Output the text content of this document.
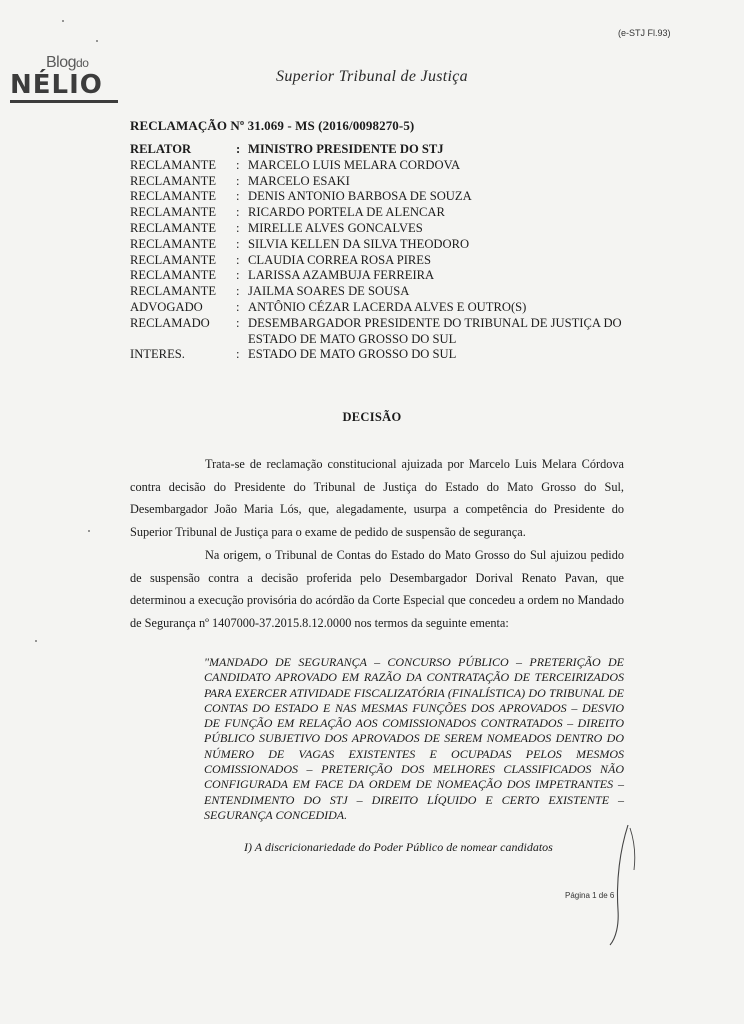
(e-STJ Fl.93)
Blogdo
NÉLIO	Superior Tribunal de Justiça
RECLAMAÇÃO Nº 31.069 - MS (2016/0098270-5)
RELATOR	: MINISTRO PRESIDENTE DO STJ
RECLAMANTE	: MARCELO LUIS MELARA CORDOVA
RECLAMANTE	: MARCELO ESAKI
RECLAMANTE	: DENIS ANTONIO BARBOSA DE SOUZA
RECLAMANTE	: RICARDO PORTELA DE ALENCAR
RECLAMANTE	: MIRELLE ALVES GONCALVES
RECLAMANTE	: SILVIA KELLEN DA SILVA THEODORO
RECLAMANTE	: CLAUDIA CORREA ROSA PIRES
RECLAMANTE	: LARISSA AZAMBUJA FERREIRA
RECLAMANTE	: JAILMA SOARES DE SOUSA
ADVOGADO	: ANTÔNIO CÉZAR LACERDA ALVES E OUTRO(S)
RECLAMADO	: DESEMBARGADOR PRESIDENTE DO TRIBUNAL DE JUSTIÇA DO ESTADO DE MATO GROSSO DO SUL
INTERES.	: ESTADO DE MATO GROSSO DO SUL
DECISÃO

Trata-se de reclamação constitucional ajuizada por Marcelo Luis Melara Córdova contra decisão do Presidente do Tribunal de Justiça do Estado do Mato Grosso do Sul, Desembargador João Maria Lós, que, alegadamente, usurpa a competência do Presidente do Superior Tribunal de Justiça para o exame de pedido de suspensão de segurança.

Na origem, o Tribunal de Contas do Estado do Mato Grosso do Sul ajuizou pedido de suspensão contra a decisão proferida pelo Desembargador Dorival Renato Pavan, que determinou a execução provisória do acórdão da Corte Especial que concedeu a ordem no Mandado de Segurança nº 1407000-37.2015.8.12.0000 nos termos da seguinte ementa:

"MANDADO DE SEGURANÇA – CONCURSO PÚBLICO – PRETERIÇÃO DE CANDIDATO APROVADO EM RAZÃO DA CONTRATAÇÃO DE TERCEIRIZADOS PARA EXERCER ATIVIDADE FISCALIZATÓRIA (FINALÍSTICA) DO TRIBUNAL DE CONTAS DO ESTADO E NAS MESMAS FUNÇÕES DOS APROVADOS – DESVIO DE FUNÇÃO EM RELAÇÃO AOS COMISSIONADOS CONTRATADOS – DIREITO PÚBLICO SUBJETIVO DOS APROVADOS DE SEREM NOMEADOS DENTRO DO NÚMERO DE VAGAS EXISTENTES E OCUPADAS PELOS MESMOS COMISSIONADOS – PRETERIÇÃO DOS MELHORES CLASSIFICADOS NÃO CONFIGURADA EM FACE DA ORDEM DE NOMEAÇÃO DOS IMPETRANTES – ENTENDIMENTO DO STJ – DIREITO LÍQUIDO E CERTO EXISTENTE – SEGURANÇA CONCEDIDA.

I) A discricionariedade do Poder Público de nomear candidatos

Página 1 de 6
